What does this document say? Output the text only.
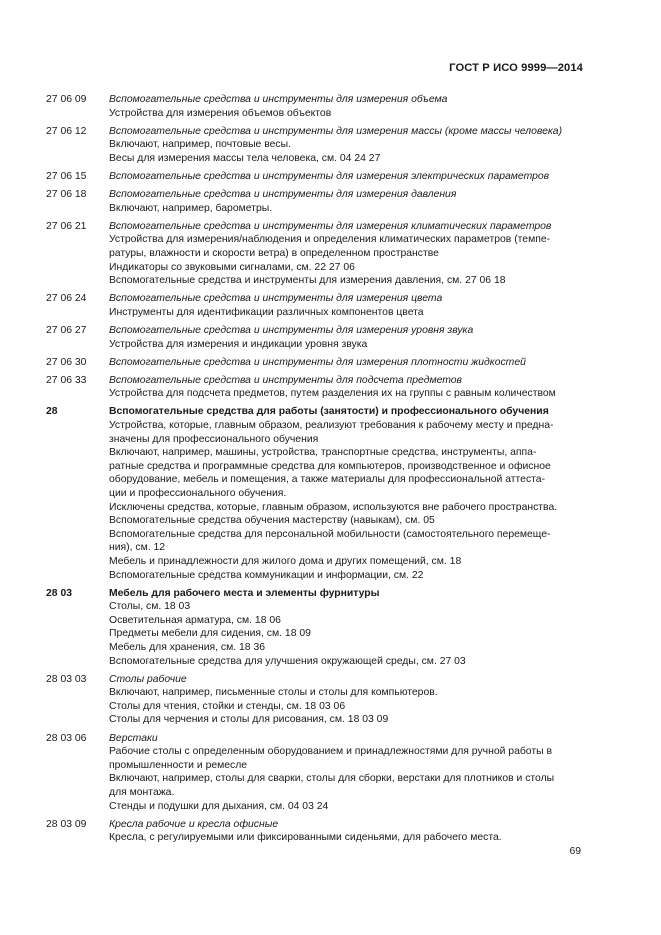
ГОСТ Р ИСО 9999—2014
27 06 09	Вспомогательные средства и инструменты для измерения объема
Устройства для измерения объемов объектов
27 06 12	Вспомогательные средства и инструменты для измерения массы (кроме массы человека)
Включают, например, почтовые весы.
Весы для измерения массы тела человека, см. 04 24 27
27 06 15	Вспомогательные средства и инструменты для измерения электрических параметров
27 06 18	Вспомогательные средства и инструменты для измерения давления
Включают, например, барометры.
27 06 21	Вспомогательные средства и инструменты для измерения климатических параметров
Устройства для измерения/наблюдения и определения климатических параметров (темпе-
ратуры, влажности и скорости ветра) в определенном пространстве
Индикаторы со звуковыми сигналами, см. 22 27 06
Вспомогательные средства и инструменты для измерения давления, см. 27 06 18
27 06 24	Вспомогательные средства и инструменты для измерения цвета
Инструменты для идентификации различных компонентов цвета
27 06 27	Вспомогательные средства и инструменты для измерения уровня звука
Устройства для измерения и индикации уровня звука
27 06 30	Вспомогательные средства и инструменты для измерения плотности жидкостей
27 06 33	Вспомогательные средства и инструменты для подсчета предметов
Устройства для подсчета предметов, путем разделения их на группы с равным количеством
28	Вспомогательные средства для работы (занятости) и профессионального обучения
Устройства, которые, главным образом, реализуют требования к рабочему месту и предна-
значены для профессионального обучения
Включают, например, машины, устройства, транспортные средства, инструменты, аппа-
ратные средства и программные средства для компьютеров, производственное и офисное
оборудование, мебель и помещения, а также материалы для профессиональной аттеста-
ции и профессионального обучения.
Исключены средства, которые, главным образом, используются вне рабочего пространства.
Вспомогательные средства обучения мастерству (навыкам), см. 05
Вспомогательные средства для персональной мобильности (самостоятельного перемеще-
ния), см. 12
Мебель и принадлежности для жилого дома и других помещений, см. 18
Вспомогательные средства коммуникации и информации, см. 22
28 03	Мебель для рабочего места и элементы фурнитуры
Столы, см. 18 03
Осветительная арматура, см. 18 06
Предметы мебели для сидения, см. 18 09
Мебель для хранения, см. 18 36
Вспомогательные средства для улучшения окружающей среды, см. 27 03
28 03 03	Столы рабочие
Включают, например, письменные столы и столы для компьютеров.
Столы для чтения, стойки и стенды, см. 18 03 06
Столы для черчения и столы для рисования, см. 18 03 09
28 03 06	Верстаки
Рабочие столы с определенным оборудованием и принадлежностями для ручной работы в
промышленности и ремесле
Включают, например, столы для сварки, столы для сборки, верстаки для плотников и столы
для монтажа.
Стенды и подушки для дыхания, см. 04 03 24
28 03 09	Кресла рабочие и кресла офисные
Кресла, с регулируемыми или фиксированными сиденьями, для рабочего места.
69
